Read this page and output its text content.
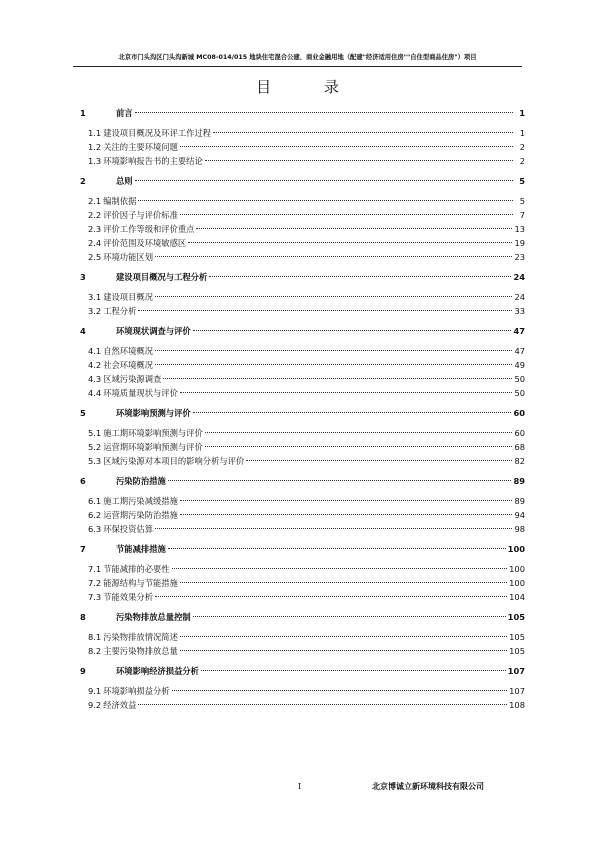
北京市门头沟区门头沟新城 MC08-014/015 地块住宅混合公建、商业金融用地（配建"经济适用住房""自住型商品住房"）项目
目 录
1	前言	1
1.1 建设项目概况及环评工作过程	1
1.2 关注的主要环境问题	2
1.3 环境影响报告书的主要结论	2
2	总则	5
2.1 编制依据	5
2.2 评价因子与评价标准	7
2.3 评价工作等级和评价重点	13
2.4 评价范围及环境敏感区	19
2.5 环境功能区划	23
3	建设项目概况与工程分析	24
3.1 建设项目概况	24
3.2 工程分析	33
4	环境现状调查与评价	47
4.1 自然环境概况	47
4.2 社会环境概况	49
4.3 区域污染源调查	50
4.4 环境质量现状与评价	50
5	环境影响预测与评价	60
5.1 施工期环境影响预测与评价	60
5.2 运营期环境影响预测与评价	68
5.3 区域污染源对本项目的影响分析与评价	82
6	污染防治措施	89
6.1 施工期污染减缓措施	89
6.2 运营期污染防治措施	94
6.3 环保投资估算	98
7	节能减排措施	100
7.1 节能减排的必要性	100
7.2 能源结构与节能措施	100
7.3 节能效果分析	104
8	污染物排放总量控制	105
8.1 污染物排放情况简述	105
8.2 主要污染物排放总量	105
9	环境影响经济损益分析	107
9.1 环境影响损益分析	107
9.2 经济效益	108
I	北京博诚立新环境科技有限公司
